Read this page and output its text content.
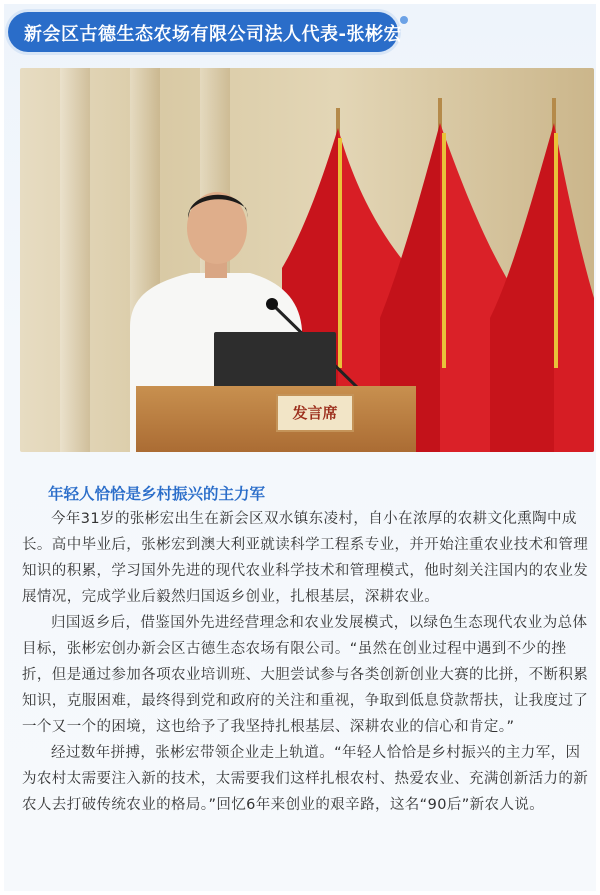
新会区古德生态农场有限公司法人代表-张彬宏
发言席
年轻人恰恰是乡村振兴的主力军

今年31岁的张彬宏出生在新会区双水镇东凌村，自小在浓厚的农耕文化熏陶中成长。高中毕业后，张彬宏到澳大利亚就读科学工程系专业，并开始注重农业技术和管理知识的积累，学习国外先进的现代农业科学技术和管理模式，他时刻关注国内的农业发展情况，完成学业后毅然归国返乡创业，扎根基层，深耕农业。

归国返乡后，借鉴国外先进经营理念和农业发展模式，以绿色生态现代农业为总体目标，张彬宏创办新会区古德生态农场有限公司。“虽然在创业过程中遇到不少的挫折，但是通过参加各项农业培训班、大胆尝试参与各类创新创业大赛的比拼，不断积累知识，克服困难，最终得到党和政府的关注和重视，争取到低息贷款帮扶，让我度过了一个又一个的困境，这也给予了我坚持扎根基层、深耕农业的信心和肯定。”

经过数年拼搏，张彬宏带领企业走上轨道。“年轻人恰恰是乡村振兴的主力军，因为农村太需要注入新的技术，太需要我们这样扎根农村、热爱农业、充满创新活力的新农人去打破传统农业的格局。”回忆6年来创业的艰辛路，这名“90后”新农人说。
